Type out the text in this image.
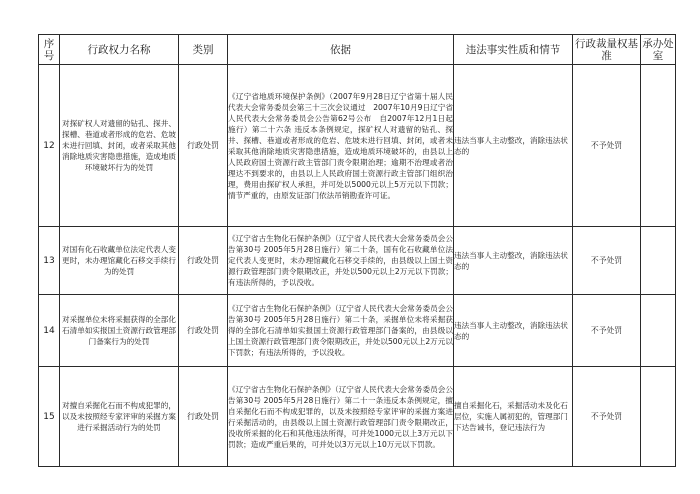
序号	行政权力名称	类别	依据	违法事实性质和情节	行政裁量权基准	承办处室
12	对探矿权人对遗留的钻孔、探井、探槽、巷道或者形成的危岩、危坡未进行回填、封闭，或者采取其他消除地质灾害隐患措施，造成地质环境破坏行为的处罚	行政处罚	《辽宁省地质环境保护条例》（2007年9月28日辽宁省第十届人民代表大会常务委员会第三十三次会议通过　2007年10月9日辽宁省人民代表大会常务委员会公告第62号公布　自2007年12月1日起施行）第二十六条 违反本条例规定，探矿权人对遗留的钻孔、探井、探槽、巷道或者形成的危岩、危坡未进行回填、封闭，或者未采取其他消除地质灾害隐患措施，造成地质环境破坏的，由县以上人民政府国土资源行政主管部门责令限期治理；逾期不治理或者治理达不到要求的，由县以上人民政府国土资源行政主管部门组织治理，费用由探矿权人承担，并可处以5000元以上5万元以下罚款；情节严重的，由原发证部门依法吊销勘查许可证。	违法当事人主动整改，消除违法状态的	不予处罚	
13	对国有化石收藏单位法定代表人变更时，未办理馆藏化石移交手续行为的处罚	行政处罚	《辽宁省古生物化石保护条例》（辽宁省人民代表大会常务委员会公告第30号 2005年5月28日施行）第二十条，国有化石收藏单位法定代表人变更时，未办理馆藏化石移交手续的，由县级以上国土资源行政管理部门责令限期改正，并处以500元以上2万元以下罚款；有违法所得的，予以没收。	违法当事人主动整改，消除违法状态的	不予处罚	
14	对采掘单位未将采掘获得的全部化石清单如实报国土资源行政管理部门备案行为的处罚	行政处罚	《辽宁省古生物化石保护条例》（辽宁省人民代表大会常务委员会公告第30号 2005年5月28日施行）第二十条，采掘单位未将采掘获得的全部化石清单如实报国土资源行政管理部门备案的，由县级以上国土资源行政管理部门责令限期改正，并处以500元以上2万元以下罚款；有违法所得的，予以没收。	违法当事人主动整改，消除违法状态的	不予处罚	
15	对擅自采掘化石而不构成犯罪的，以及未按照经专家评审的采掘方案进行采掘活动行为的处罚	行政处罚	《辽宁省古生物化石保护条例》（辽宁省人民代表大会常务委员会公告第30号 2005年5月28日施行）第二十一条违反本条例规定，擅自采掘化石而不构成犯罪的，以及未按照经专家评审的采掘方案进行采掘活动的，由县级以上国土资源行政管理部门责令限期改正，没收所采掘的化石和其他违法所得，可并处1000元以上3万元以下罚款；造成严重后果的，可并处以3万元以上10万元以下罚款。	擅自采掘化石，采掘活动未及化石层位，实施人属初犯的，管理部门下达告诫书，登记违法行为	不予处罚	
